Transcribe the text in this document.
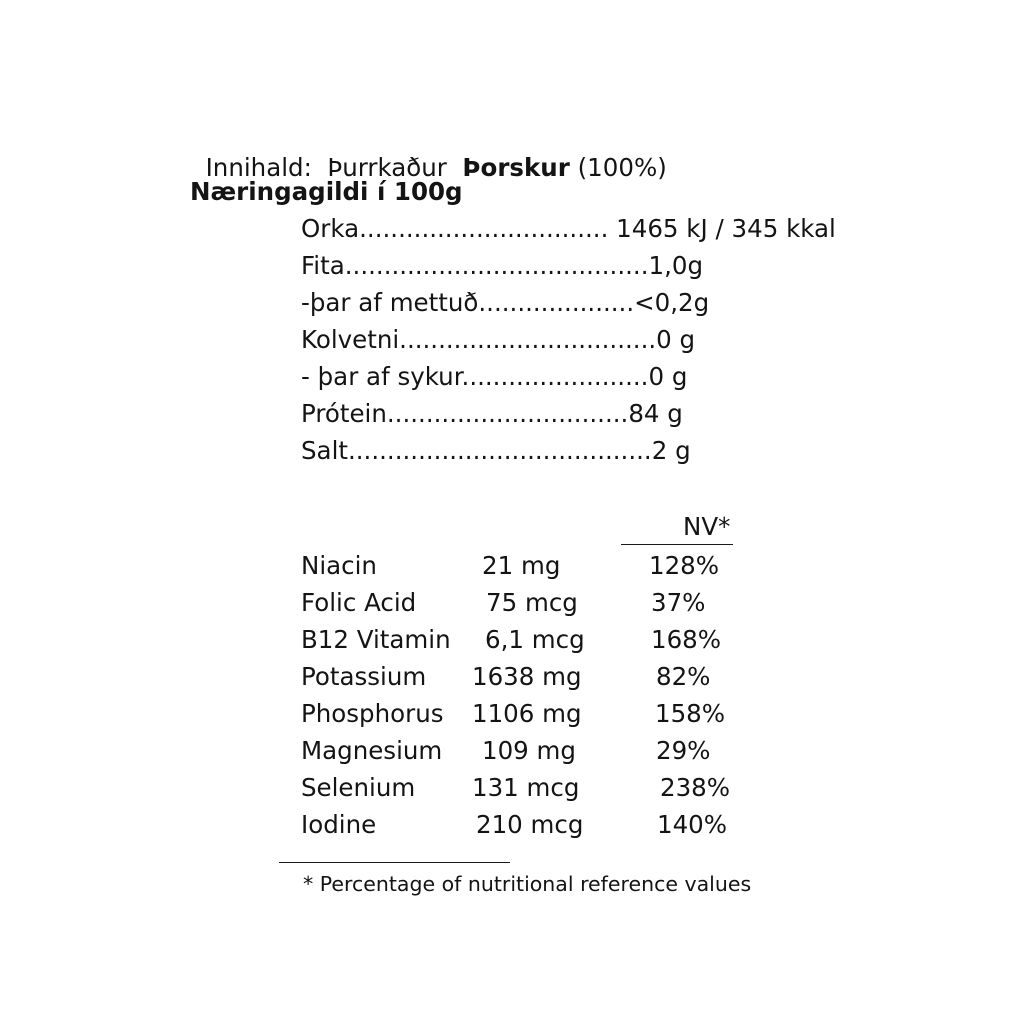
Innihald: Þurrkaður Þorskur (100%)

Næringagildi í 100g
Orka................................ 1465 kJ / 345 kkal
Fita.......................................1,0g
-þar af mettuð....................<0,2g
Kolvetni.................................0 g
- þar af sykur........................0 g
Prótein...............................84 g
Salt.......................................2 g
NV*
Niacin	21 mg	128%
Folic Acid	75 mcg	37%
B12 Vitamin 6,1 mcg	168%
Potassium 1638 mg	82%
Phosphorus 1106 mg	158%
Magnesium 109 mg	29%
Selenium 131 mcg	238%
Iodine	210 mcg	140%
* Percentage of nutritional reference values
